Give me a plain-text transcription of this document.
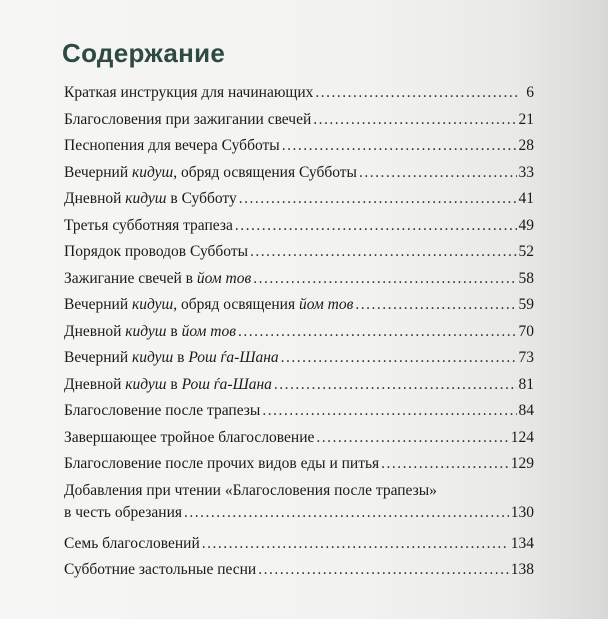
Содержание
Краткая инструкция для начинающих .....	6
Благословения при зажигании свечей .....	21
Песнопения для вечера Субботы .....	28
Вечерний кидуш , обряд освящения Субботы .....	33
Дневной кидуш в Субботу .....	41
Третья субботняя трапеза .....	49
Порядок проводов Субботы .....	52
Зажигание свечей в йом тов .....	58
Вечерний кидуш , обряд освящения йом тов .....	59
Дневной кидуш в йом тов .....	70
Вечерний кидуш в Рош ѓа-Шана .....	73
Дневной кидуш в Рош ѓа-Шана .....	81
Благословение после трапезы .....	84
Завершающее тройное благословение .....	124
Благословение после прочих видов еды и питья .....	129
Добавления при чтении «Благословения после трапезы»
в честь обрезания .....	130
Семь благословений .....	134
Субботние застольные песни .....	138
